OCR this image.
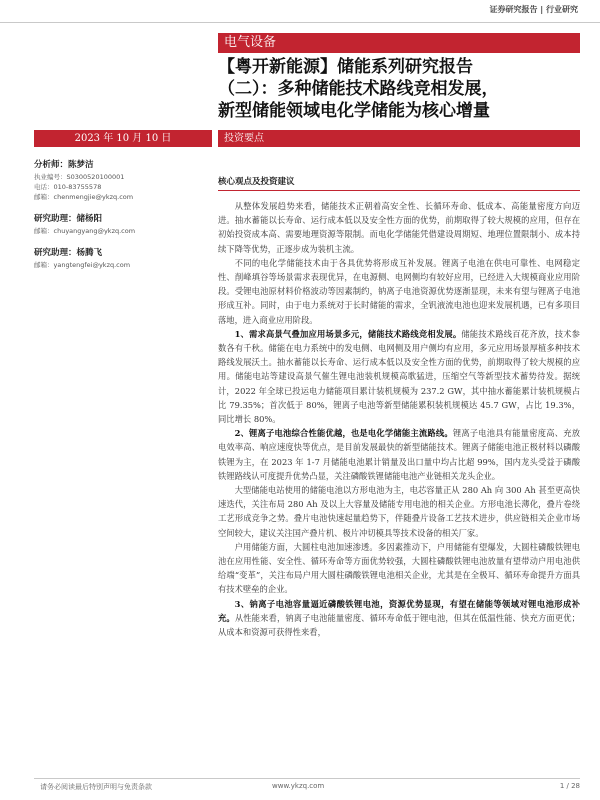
证券研究报告 | 行业研究
电气设备
【粤开新能源】储能系列研究报告
（二）：多种储能技术路线竞相发展，
新型储能领域电化学储能为核心增量
2023 年 10 月 10 日	投资要点
分析师：陈梦洁
执业编号：S0300520100001
电话：010-83755578
邮箱：chenmengjie@ykzq.com
研究助理：储杨阳
邮箱：chuyangyang@ykzq.com
研究助理：杨腾飞
邮箱：yangtengfei@ykzq.com
核心观点及投资建议

从整体发展趋势来看，储能技术正朝着高安全性、长循环寿命、低成本、高能量密度方向迈进。抽水蓄能以长寿命、运行成本低以及安全性方面的优势，前期取得了较大规模的应用，但存在初始投资成本高、需要地理资源等限制。而电化学储能凭借建设周期短、地理位置限制小、成本持续下降等优势，正逐步成为装机主流。

不同的电化学储能技术由于各具优势将形成互补发展。锂离子电池在供电可靠性、电网稳定性、削峰填谷等场景需求表现优异，在电源侧、电网侧均有较好应用，已经进入大规模商业应用阶段。受锂电池原材料价格波动等因素制约，钠离子电池资源优势逐渐显现，未来有望与锂离子电池形成互补。同时，由于电力系统对于长时储能的需求，全钒液流电池也迎来发展机遇，已有多项目落地，进入商业应用阶段。

1、需求高景气叠加应用场景多元，储能技术路线竞相发展。储能技术路线百花齐放，技术参数各有千秋。储能在电力系统中的发电侧、电网侧及用户侧均有应用，多元应用场景厚植多种技术路线发展沃土。抽水蓄能以长寿命、运行成本低以及安全性方面的优势，前期取得了较大规模的应用。储能电站等建设高景气催生锂电池装机规模高歌猛进，压缩空气等新型技术蓄势待发。据统计，2022 年全球已投运电力储能项目累计装机规模为 237.2 GW，其中抽水蓄能累计装机规模占比 79.35%；首次低于 80%，锂离子电池等新型储能累积装机规模达 45.7 GW，占比 19.3%，同比增长 80%。

2、锂离子电池综合性能优越，也是电化学储能主流路线。锂离子电池具有能量密度高、充放电效率高、响应速度快等优点，是目前发展最快的新型储能技术。锂离子储能电池正极材料以磷酸铁锂为主，在 2023 年 1-7 月储能电池累计销量及出口量中均占比超 99%，国内龙头受益于磷酸铁锂路线认可度提升优势凸显，关注磷酸铁锂储能电池产业链相关龙头企业。

大型储能电站使用的储能电池以方形电池为主，电芯容量正从 280 Ah 向 300 Ah 甚至更高快速迭代，关注布局 280 Ah 及以上大容量及储能专用电池的相关企业。方形电池长薄化，叠片卷绕工艺形成竞争之势。叠片电池快速起量趋势下，伴随叠片设备工艺技术进步，供应链相关企业市场空间较大，建议关注国产叠片机、极片冲切模具等技术设备的相关厂家。

户用储能方面，大圆柱电池加速渗透。多因素推动下，户用储能有望爆发，大圆柱磷酸铁锂电池在应用性能、安全性、循环寿命等方面优势较强，大圆柱磷酸铁锂电池放量有望带动户用电池供给端“变革”，关注布局户用大圆柱磷酸铁锂电池相关企业，尤其是在全极耳、循环寿命提升方面具有技术壁垒的企业。

3、钠离子电池容量逼近磷酸铁锂电池，资源优势显现，有望在储能等领域对锂电池形成补充。从性能来看，钠离子电池能量密度、循环寿命低于锂电池，但其在低温性能、快充方面更优；从成本和资源可获得性来看，

请务必阅读最后特别声明与免责条款	www.ykzq.com	1 / 28
